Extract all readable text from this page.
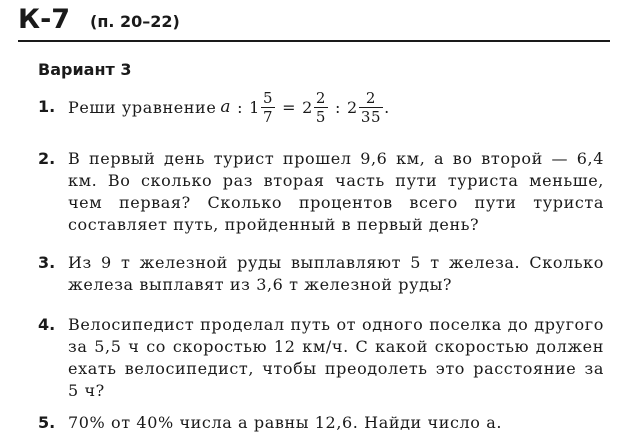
К-7 (п. 20–22)
Вариант 3
1. Реши уравнение a : $1 \frac{5}{7} = 2 \frac{2}{5}$ : $2 \frac{2}{35}$ .
2. В первый день турист прошел 9,6 км, а во второй — 6,4 км. Во сколько раз вторая часть пути туриста меньше, чем первая? Сколько процентов всего пути туриста составляет путь, пройденный в первый день?
3. Из 9 т железной руды выплавляют 5 т железа. Сколько железа выплавят из 3,6 т железной руды?
4. Велосипедист проделал путь от одного поселка до другого за 5,5 ч со скоростью 12 км/ч. С какой скоростью должен ехать велосипедист, чтобы преодолеть это расстояние за 5 ч?
5. 70% от 40% числа a равны 12,6. Найди число a.
